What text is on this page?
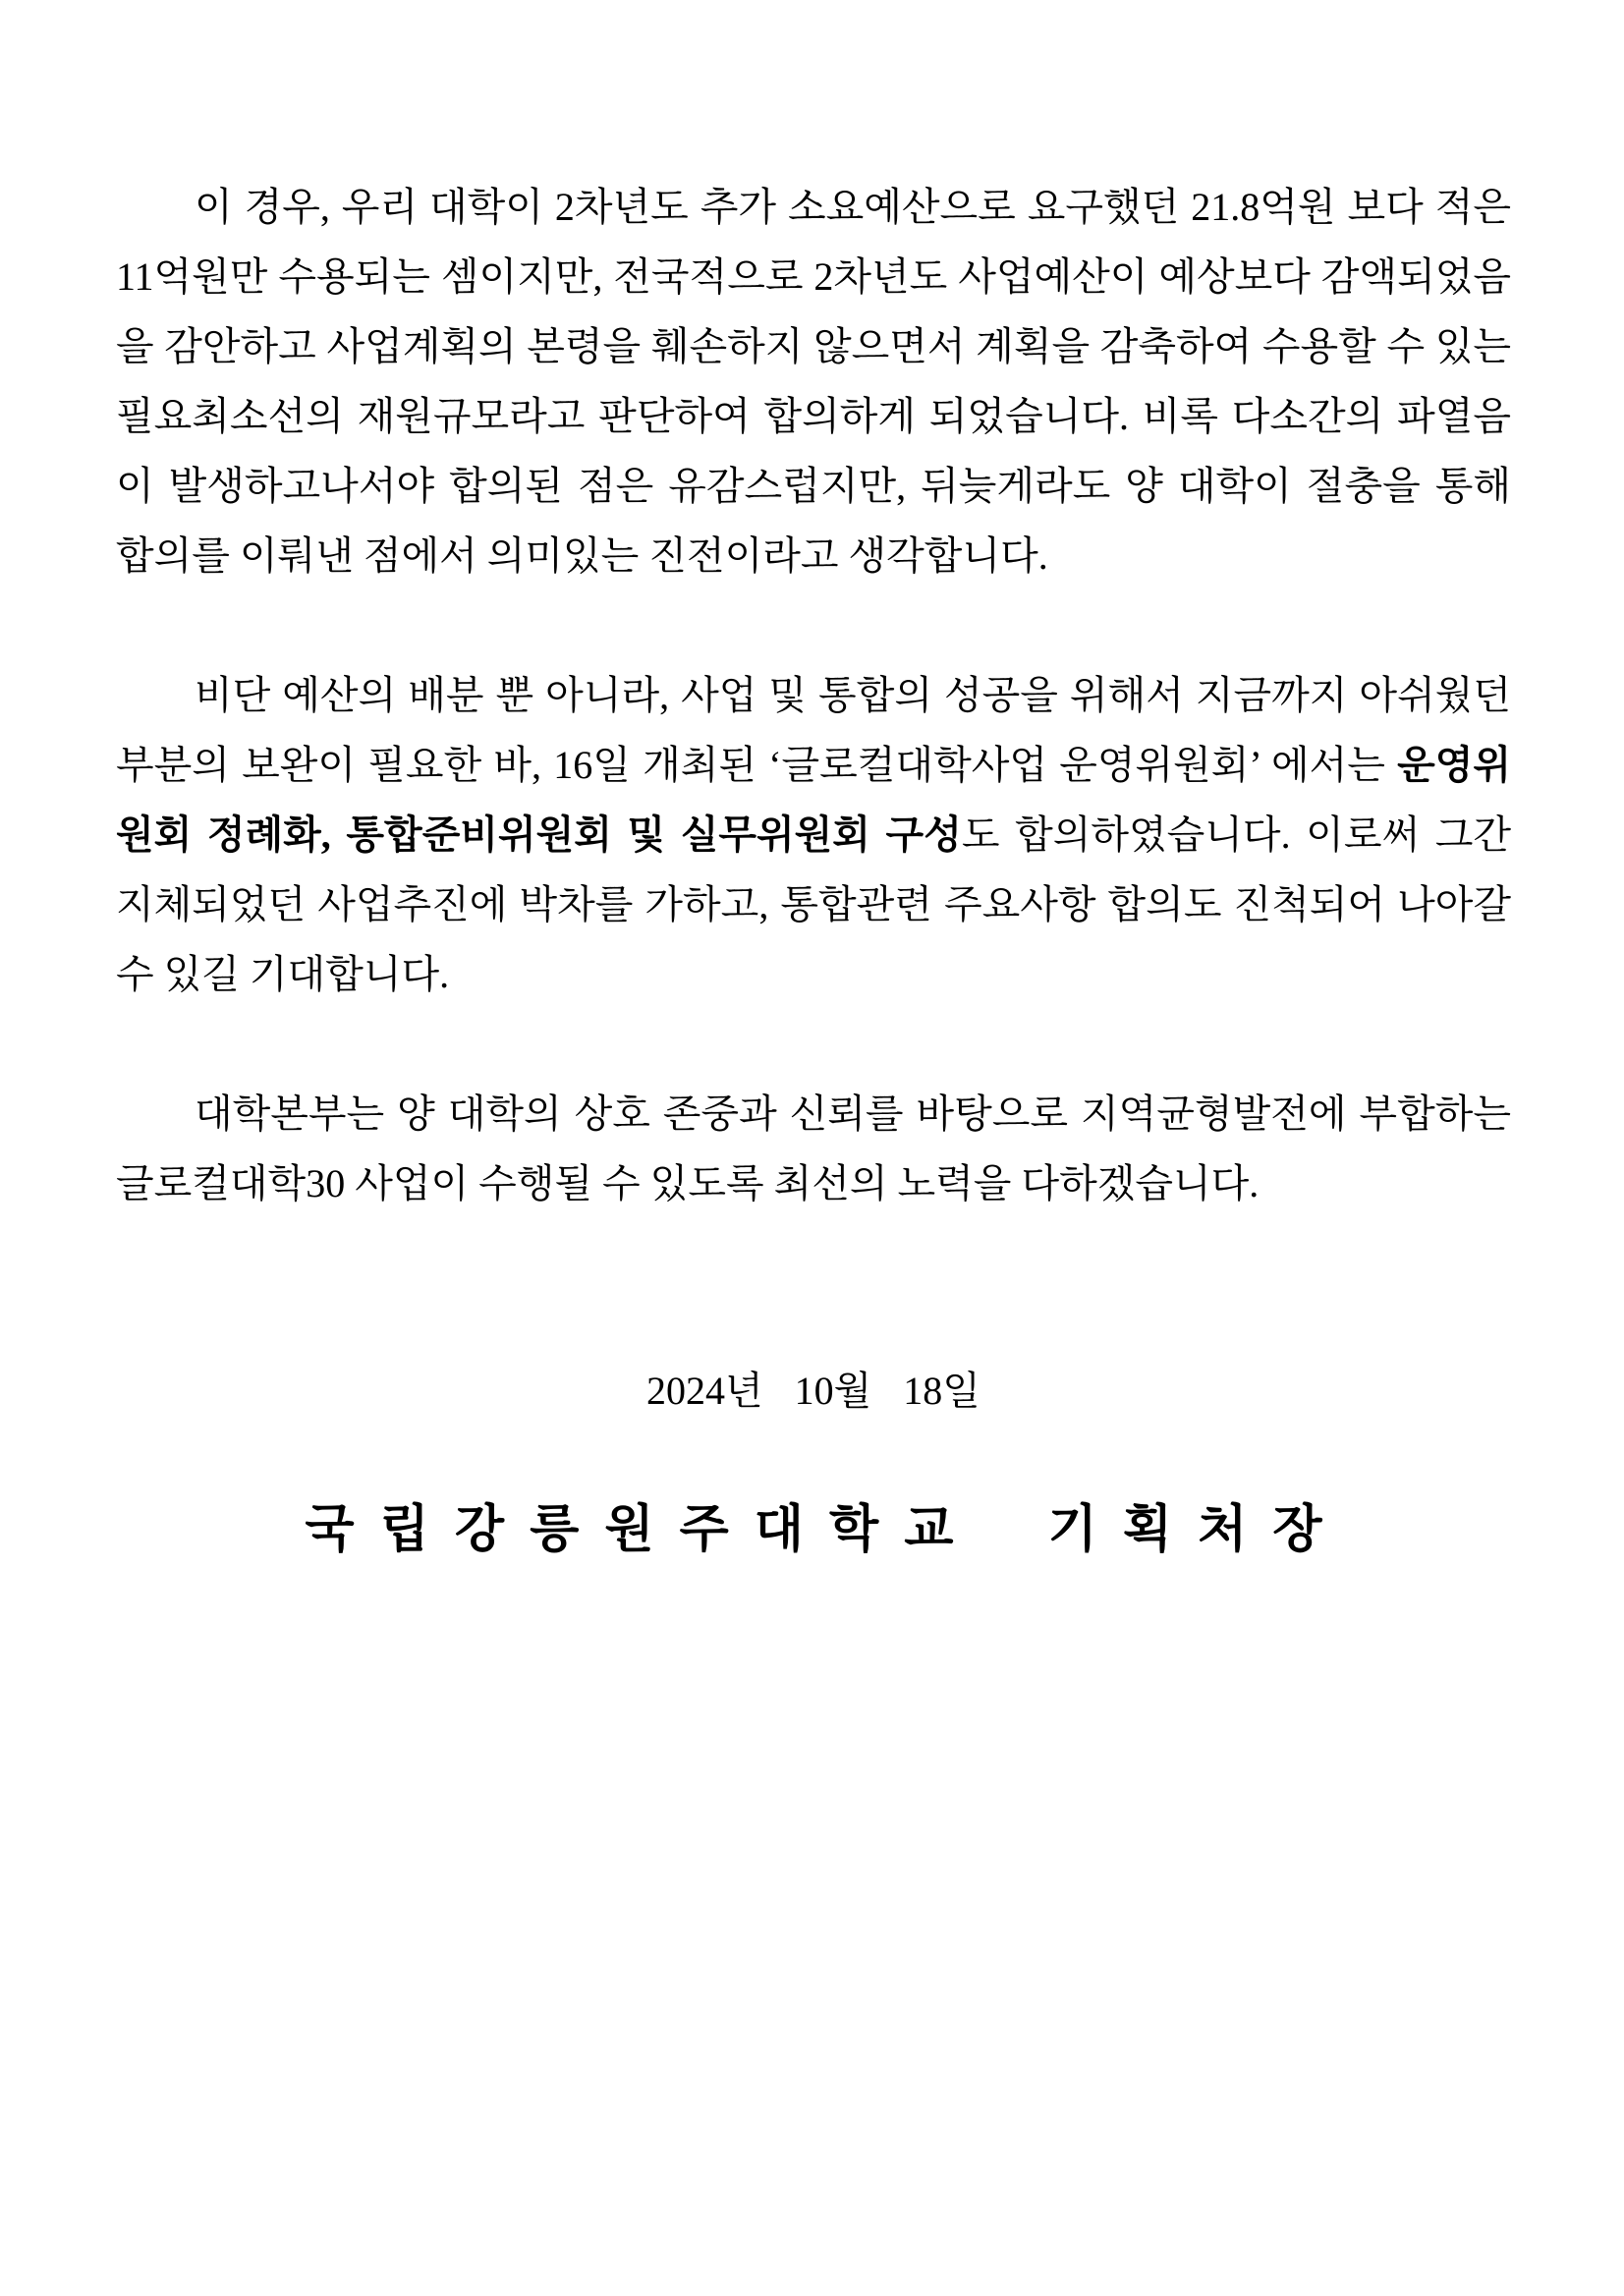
이 경우, 우리 대학이 2차년도 추가 소요예산으로 요구했던 21.8억원 보다 적은 11억원만 수용되는 셈이지만, 전국적으로 2차년도 사업예산이 예상보다 감액되었음을 감안하고 사업계획의 본령을 훼손하지 않으면서 계획을 감축하여 수용할 수 있는 필요최소선의 재원규모라고 판단하여 합의하게 되었습니다. 비록 다소간의 파열음이 발생하고나서야 합의된 점은 유감스럽지만, 뒤늦게라도 양 대학이 절충을 통해 합의를 이뤄낸 점에서 의미있는 진전이라고 생각합니다.

비단 예산의 배분 뿐 아니라, 사업 및 통합의 성공을 위해서 지금까지 아쉬웠던 부분의 보완이 필요한 바, 16일 개최된 ‘글로컬대학사업 운영위원회’ 에서는 운영위원회 정례화, 통합준비위원회 및 실무위원회 구성도 합의하였습니다. 이로써 그간 지체되었던 사업추진에 박차를 가하고, 통합관련 주요사항 합의도 진척되어 나아갈 수 있길 기대합니다.

대학본부는 양 대학의 상호 존중과 신뢰를 바탕으로 지역균형발전에 부합하는 글로컬대학30 사업이 수행될 수 있도록 최선의 노력을 다하겠습니다.

2024년 10월 18일

국립강릉원주대학교 기획처장
